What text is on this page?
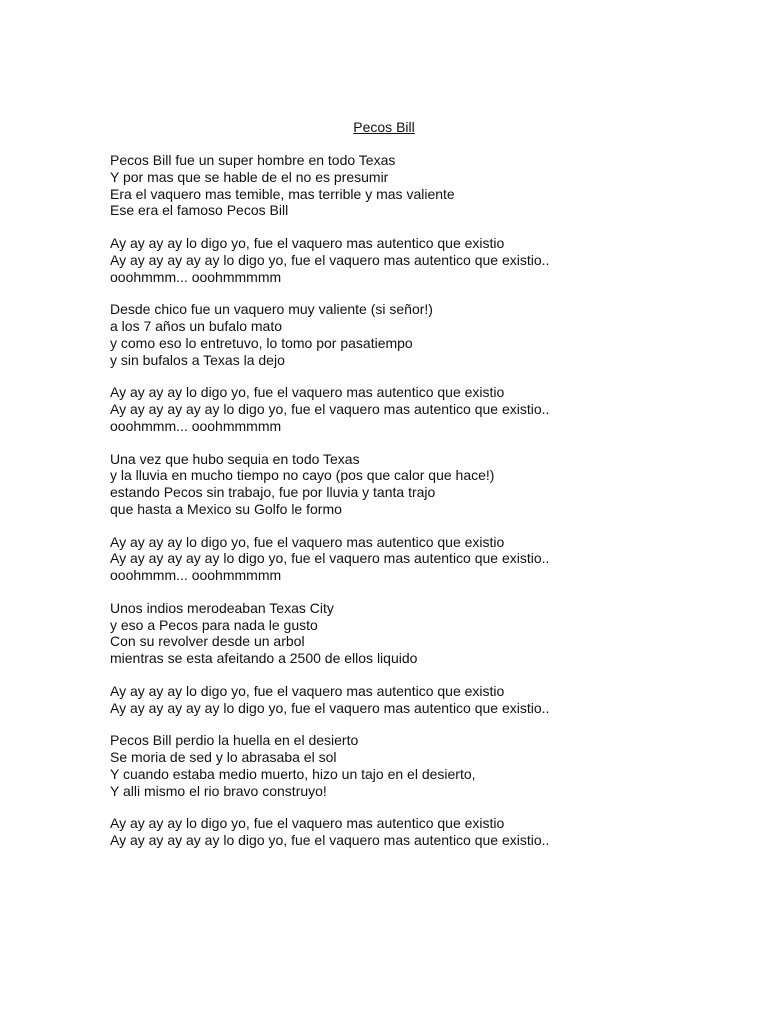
Pecos Bill
Pecos Bill fue un super hombre en todo Texas
Y por mas que se hable de el no es presumir
Era el vaquero mas temible, mas terrible y mas valiente
Ese era el famoso Pecos Bill
Ay ay ay ay lo digo yo, fue el vaquero mas autentico que existio
Ay ay ay ay ay ay lo digo yo, fue el vaquero mas autentico que existio..
ooohmmm... ooohmmmmm
Desde chico fue un vaquero muy valiente (si señor!)
a los 7 años un bufalo mato
y como eso lo entretuvo, lo tomo por pasatiempo
y sin bufalos a Texas la dejo
Ay ay ay ay lo digo yo, fue el vaquero mas autentico que existio
Ay ay ay ay ay ay lo digo yo, fue el vaquero mas autentico que existio..
ooohmmm... ooohmmmmm
Una vez que hubo sequia en todo Texas
y la lluvia en mucho tiempo no cayo (pos que calor que hace!)
estando Pecos sin trabajo, fue por lluvia y tanta trajo
que hasta a Mexico su Golfo le formo
Ay ay ay ay lo digo yo, fue el vaquero mas autentico que existio
Ay ay ay ay ay ay lo digo yo, fue el vaquero mas autentico que existio..
ooohmmm... ooohmmmmm
Unos indios merodeaban Texas City
y eso a Pecos para nada le gusto
Con su revolver desde un arbol
mientras se esta afeitando a 2500 de ellos liquido
Ay ay ay ay lo digo yo, fue el vaquero mas autentico que existio
Ay ay ay ay ay ay lo digo yo, fue el vaquero mas autentico que existio..
Pecos Bill perdio la huella en el desierto
Se moria de sed y lo abrasaba el sol
Y cuando estaba medio muerto, hizo un tajo en el desierto,
Y alli mismo el rio bravo construyo!
Ay ay ay ay lo digo yo, fue el vaquero mas autentico que existio
Ay ay ay ay ay ay lo digo yo, fue el vaquero mas autentico que existio..
